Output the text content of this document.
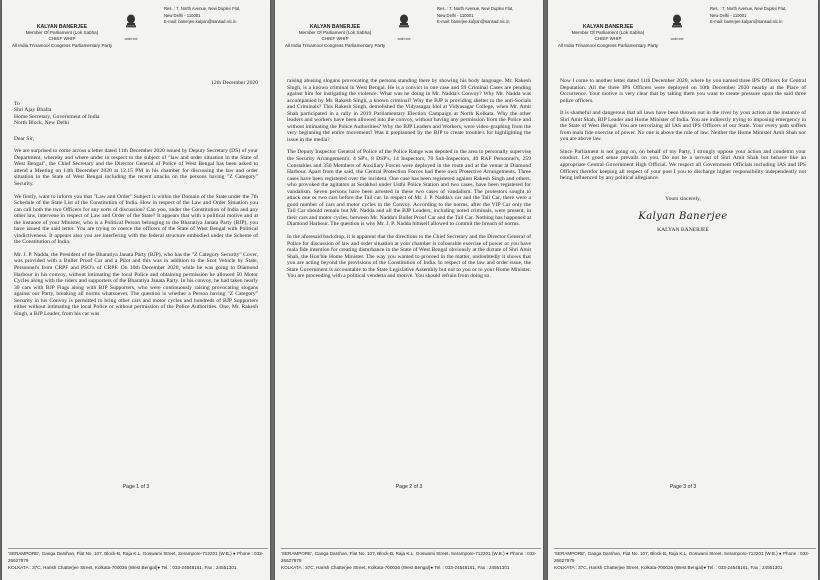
KALYAN BANERJEE
Member Of Parliament (Lok Sabha)
CHIEF WHIP
All India Trinamool Congress Parliamentary Party
सत्यमेव जयते
Res. : 7, North Avenue, New Duplex Flat,
New Delhi - 110001
E-mail: banerjee.kalyan@sansad.nic.in

12th December 2020

To
Shri Ajay Bhalla
Home Secretary, Government of India
North Block, New Delhi

Dear Sir,

We are surprised to come across a letter dated 11th December 2020 issued by Deputy Secretary (DS) of your Department, whereby and where under in respect to the subject of "law and order situation in the State of West Bengal", the Chief Secretary and the Director General of Police of West Bengal has been asked to attend a Meeting on 14th December 2020 at 12.15 PM in his chamber for discussing the law and order situation in the State of West Bengal including the recent attacks on the persons having "Z Category" Security.

We firstly, want to inform you that "Law and Order" Subject is within the Domain of the State under the 7th Schedule of the State List of the Constitution of India. How in respect of the Law and Order Situation you can call both the two Officers for any sorts of discussion? Can you, under the Constitution of India and any other law, intervene in respect of Law and Order of the State? It appears that with a political motive and at the instance of your Minister, who is a Political Person belonging to the Bharatiya Janata Party (BJP), you have issued the said letter. You are trying to coerce the officers of the State of West Bengal with Political vindictiveness. It appears also you are interfering with the federal structure embodied under the Scheme of the Constitution of India.

Mr. J. P. Nadda, the President of the Bharatiya Janata Party (BJP), who has the "Z Category Security" Cover, was provided with a Bullet Proof Car and a Pilot and this was in addition to the Scot Vehicle by State, Personnel's from CRPF and PSO's of CRPF. On 10th December 2020, while he was going to Diamond Harbour in his convoy, without intimating the local Police and obtaining permission he allowed 50 Motor Cycles along with the riders and supporters of the Bharatiya Janata Party. In his convoy, he had taken nearly 30 cars with BJP Flags along with BJP Supporters, who were continuously raising provocating slogans against our Party, breaking all norms whatsoever. The question is whether a Person having "Z Category" Security in his Convoy is permitted to bring other cars and motor cycles and hundreds of BJP Supporters either without intimating the local Police or without permission of the Police Authorities. One, Mr. Rakesh Singh, a BJP Leader, from his car was

Page 1 of 3
'SERAMPORE', Ganga Darshan, Flat No. 107, Block-B, Raja K.L. Goswami Street, Serampore-712201 (W.B.) ● Phone : 033-26627979
KOLKATA : 37C, Harish Chatterjee Street, Kolkata-700026 (West Bengal)● Tel. : 033-24548161, Fax : 24551301
KALYAN BANERJEE
Member Of Parliament (Lok Sabha)
CHIEF WHIP
All India Trinamool Congress Parliamentary Party
सत्यमेव जयते
Res. : 7, North Avenue, New Duplex Flat,
New Delhi - 110001
E-mail: banerjee.kalyan@sansad.nic.in

raising abusing slogans provocating the persons standing there by showing his body language. Mr. Rakesh Singh, is a known criminal in West Bengal. He is a convict in one case and 59 Criminal Cases are pending against him for instigating the violence. What was he doing in Mr. Nadda's Convoy? Why Mr. Nadda was accompanied by Mr. Rakesh Singh, a known criminal? Why the BJP is providing shelter to the anti-Socials and Criminals? This Rakesh Singh, demolished the Vidyasagar Idol at Vidyasagar College, when Mr. Amit Shah participated in a rally in 2019 Parliamentary Election Campaign at North Kolkata. Why the other leaders and workers have been allowed into the convoy, without having any permission from the Police and without intimating the Police Authorities? Why the BJP Leaders and Workers, were video-graphing from the very beginning the entire movement? Was it preplanned by the BJP to create trouble's for highlighting the issue in the media?

The Deputy Inspector General of Police of the Police Range was deputed in the area to personally supervise the Security Arrangement's. 4 SP's, 8 DSP's, 14 Inspectors, 70 Sub-Inspectors, 40 RAF Personnel's, 259 Constables and 350 Members of Auxiliary Forces were deployed in the route and at the venue at Diamond Harbour. Apart from the said, the Central Protection Forces had there own Protective Arrangements. Three cases have been registered over the incident. One case has been registered against Rakesh Singh and others, who provoked the agitators at Serakhol under Usthi Police Station and two cases, have been registered for vandalism. Seven persons have been arrested in these two cases of vandalism. The protestors sought to attack one or two cars before the Tail car. In respect of Mr. J. P. Nadda's car and the Tail Car, there were a good number of cars and motor cycles in the Convoy. According to the norms, after the VIP Car only the Tail Car should remain but Mr. Nadda and all the BJP Leaders, including noted criminals, were present, in their cars and motor cycles, between Mr. Nadda's Bullet Proof Car and the Tail Car. Nothing has happened at Diamond Harbour. The question is why Mr. J. P. Nadda himself allowed to commit the breach of norms.

In the aforesaid backdrop, it is apparent that the directions to the Chief Secretary and the Director General of Police for discussion of law and order situation at your chamber is colourable exercise of power or you have mala fide intention for creating disturbance in the State of West Bengal obviously at the dictate of Shri Amit Shah, the Hon'ble Home Minister. The way you wanted to proceed in the matter, undoubtedly it shows that you are acting beyond the provisions of the Constitution of India. In respect of the law and order issue, the State Government is accountable to the State Legislative Assembly but not to you or to your Home Minister. You are proceeding with a political vendetta and motive. You should refrain from doing so.

Page 2 of 3
'SERAMPORE', Ganga Darshan, Flat No. 107, Block-B, Raja K.L. Goswami Street, Serampore-712201 (W.B.) ● Phone : 033-26627979
KOLKATA : 37C, Harish Chatterjee Street, Kolkata-700026 (West Bengal)● Tel. : 033-24548161, Fax : 24551301
KALYAN BANERJEE
Member Of Parliament (Lok Sabha)
CHIEF WHIP
All India Trinamool Congress Parliamentary Party
सत्यमेव जयते
Res. : 7, North Avenue, New Duplex Flat,
New Delhi - 110001
E-mail: banerjee.kalyan@sansad.nic.in

Now I come to another letter dated 11th December 2020, where by you named three IPS Officers for Central Deputation. All the three IPS Officers were deployed on 10th December 2020 nearby at the Place of Occurrence. Your motive is very clear that by taking them you want to create pressure upon the said three police officers.

It is shameful and dangerous that all laws have been thrown out in the river by your action at the instance of Shri Amit Shah, BJP Leader and Home Minister of India. You are indirectly trying to imposing emergency in the State of West Bengal. You are terrorizing all IAS and IPS Officers of our State. Your every path suffers from mala fide exercise of power. No one is above the rule of law. Neither the Home Minister Amit Shah nor you are above law.

Since Parliament is not going on, on behalf of my Party, I strongly oppose your action and condemn your conduct. Let good sense prevails on you. Do not be a servant of Shri Amit Shah but behave like an appropriate Central Government High Official. We respect all Government Officials including IAS and IPS Officers therefor keeping all respect of your post I you to discharge higher responsibility independently not being influenced by any political allegiance.

Yours sincerely,

Kalyan Banerjee

KALYAN BANERJEE

Page 3 of 3
'SERAMPORE', Ganga Darshan, Flat No. 107, Block-B, Raja K.L. Goswami Street, Serampore-712201 (W.B.) ● Phone : 033-26627979
KOLKATA : 37C, Harish Chatterjee Street, Kolkata-700026 (West Bengal)● Tel. : 033-24548161, Fax : 24551301
